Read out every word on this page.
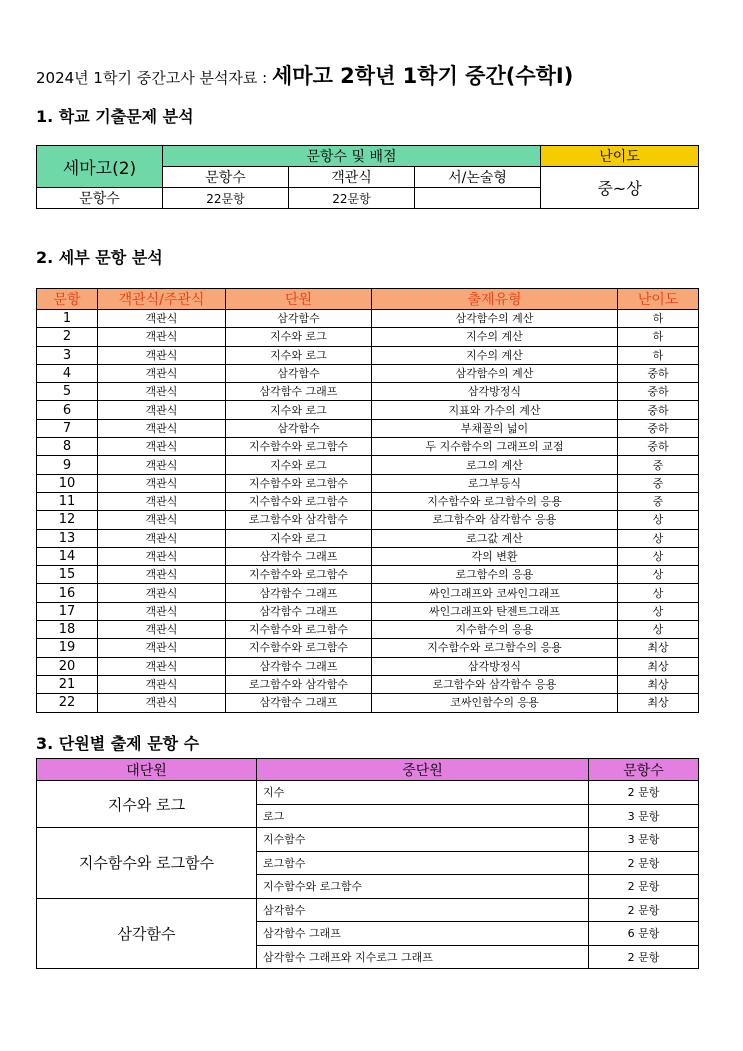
2024년 1학기 중간고사 분석자료 : 세마고 2학년 1학기 중간(수학Ⅰ)
1. 학교 기출문제 분석
세마고(2)	문항수 및 배점			난이도
	문항수	객관식	서/논술형	중~상
문항수	22문항	22문항		
2. 세부 문항 분석
문항	객관식/주관식	단원	출제유형	난이도
1	객관식	삼각함수	삼각함수의 계산	하
2	객관식	지수와 로그	지수의 계산	하
3	객관식	지수와 로그	지수의 계산	하
4	객관식	삼각함수	삼각함수의 계산	중하
5	객관식	삼각함수 그래프	삼각방정식	중하
6	객관식	지수와 로그	지표와 가수의 계산	중하
7	객관식	삼각함수	부채꼴의 넓이	중하
8	객관식	지수함수와 로그함수	두 지수함수의 그래프의 교점	중하
9	객관식	지수와 로그	로그의 계산	중
10	객관식	지수함수와 로그함수	로그부등식	중
11	객관식	지수함수와 로그함수	지수함수와 로그함수의 응용	중
12	객관식	로그함수와 삼각함수	로그함수와 삼각함수 응용	상
13	객관식	지수와 로그	로그값 계산	상
14	객관식	삼각함수 그래프	각의 변환	상
15	객관식	지수함수와 로그함수	로그함수의 응용	상
16	객관식	삼각함수 그래프	싸인그래프와 코싸인그래프	상
17	객관식	삼각함수 그래프	싸인그래프와 탄젠트그래프	상
18	객관식	지수함수와 로그함수	지수함수의 응용	상
19	객관식	지수함수와 로그함수	지수함수와 로그함수의 응용	최상
20	객관식	삼각함수 그래프	삼각방정식	최상
21	객관식	로그함수와 삼각함수	로그함수와 삼각함수 응용	최상
22	객관식	삼각함수 그래프	코싸인함수의 응용	최상
3. 단원별 출제 문항 수
대단원	중단원	문항수
지수와 로그	지수	2 문항
	로그	3 문항
지수함수와 로그함수	지수함수	3 문항
	로그함수	2 문항
	지수함수와 로그함수	2 문항
삼각함수	삼각함수	2 문항
	삼각함수 그래프	6 문항
	삼각함수 그래프와 지수로그 그래프	2 문항
